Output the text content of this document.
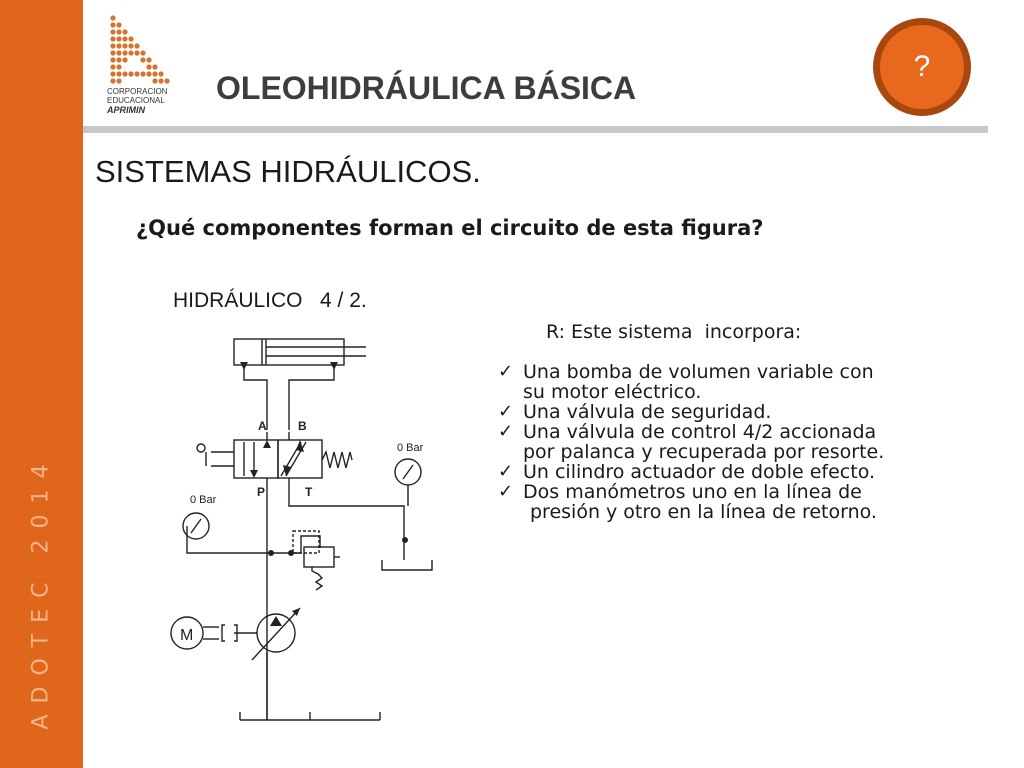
ADOTEC 2014
CORPORACION
EDUCACIONAL
APRIMIN
OLEOHIDRÁULICA BÁSICA
?
SISTEMAS HIDRÁULICOS.
¿Qué componentes forman el circuito de esta figura?
HIDRÁULICO   4 / 2.
R: Este sistema  incorpora:
✓ Una bomba de volumen variable con
su motor eléctrico.
✓ Una válvula de seguridad.
✓ Una válvula de control 4/2 accionada
por palanca y recuperada por resorte.
✓ Un cilindro actuador de doble efecto.
✓ Dos manómetros uno en la línea de
presión y otro en la línea de retorno.
A	B
P	T
0 Bar
0 Bar
M
